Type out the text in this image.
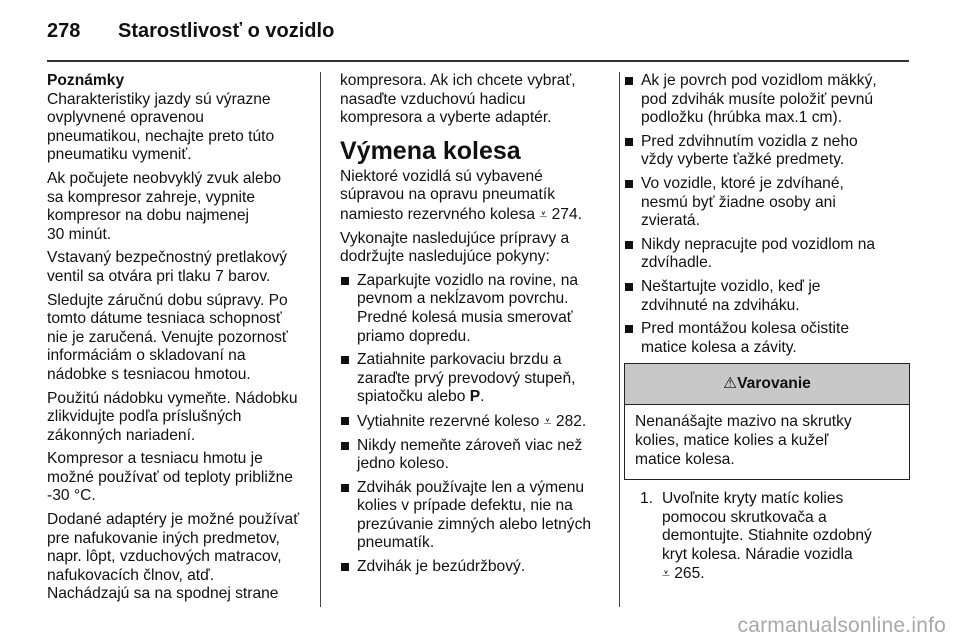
278 Starostlivosť o vozidlo

Poznámky

Charakteristiky jazdy sú výrazne
ovplyvnené opravenou
pneumatikou, nechajte preto túto
pneumatiku vymeniť.
Ak počujete neobvyklý zvuk alebo
sa kompresor zahreje, vypnite
kompresor na dobu najmenej
30 minút.
Vstavaný bezpečnostný pretlakový
ventil sa otvára pri tlaku 7 barov.
Sledujte záručnú dobu súpravy. Po
tomto dátume tesniaca schopnosť
nie je zaručená. Venujte pozornosť
informáciám o skladovaní na
nádobke s tesniacou hmotou.
Použitú nádobku vymeňte. Nádobku
zlikvidujte podľa príslušných
zákonných nariadení.
Kompresor a tesniacu hmotu je
možné používať od teploty približne
-30 °C.
Dodané adaptéry je možné používať
pre nafukovanie iných predmetov,
napr. lôpt, vzduchových matracov,
nafukovacích člnov, atď.
Nachádzajú sa na spodnej strane
kompresora. Ak ich chcete vybrať,
nasaďte vzduchovú hadicu
kompresora a vyberte adaptér.
Výmena kolesa
Niektoré vozidlá sú vybavené
súpravou na opravu pneumatík
namiesto rezervného kolesa ⩡ 274.
Vykonajte nasledujúce prípravy a
dodržujte nasledujúce pokyny:
Zaparkujte vozidlo na rovine, na
pevnom a nekĺzavom povrchu.
Predné kolesá musia smerovať
priamo dopredu.
Zatiahnite parkovaciu brzdu a
zaraďte prvý prevodový stupeň,
spiatočku alebo P.
Vytiahnite rezervné koleso ⩡ 282.
Nikdy nemeňte zároveň viac než
jedno koleso.
Zdvihák používajte len a výmenu
kolies v prípade defektu, nie na
prezúvanie zimných alebo letných
pneumatík.
Zdvihák je bezúdržbový.
Ak je povrch pod vozidlom mäkký,
pod zdvihák musíte položiť pevnú
podložku (hrúbka max.1 cm).
Pred zdvihnutím vozidla z neho
vždy vyberte ťažké predmety.
Vo vozidle, ktoré je zdvíhané,
nesmú byť žiadne osoby ani
zvieratá.
Nikdy nepracujte pod vozidlom na
zdvíhadle.
Neštartujte vozidlo, keď je
zdvihnuté na zdviháku.
Pred montážou kolesa očistite
matice kolesa a závity.
⚠Varovanie
Nenanášajte mazivo na skrutky
kolies, matice kolies a kužeľ
matice kolesa.
1. Uvoľnite kryty matíc kolies
pomocou skrutkovača a
demontujte. Stiahnite ozdobný
kryt kolesa. Náradie vozidla
⩡ 265.
carmanualsonline.info
